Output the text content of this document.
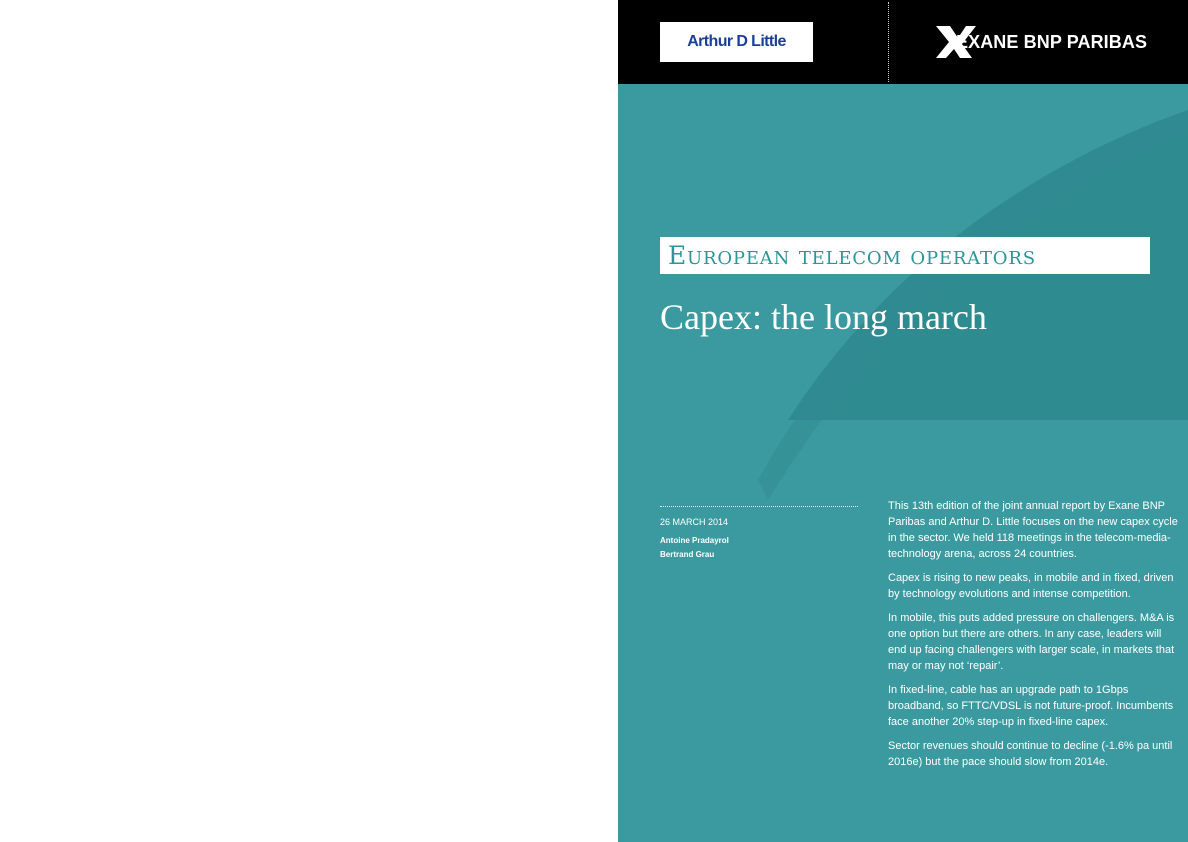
Arthur D Little	EXANE BNP PARIBAS
European telecom operators
Capex: the long march
26 MARCH 2014
Antoine Pradayrol
Bertrand Grau

This 13th edition of the joint annual report by Exane BNP Paribas and Arthur D. Little focuses on the new capex cycle in the sector. We held 118 meetings in the telecom-media-technology arena, across 24 countries.

Capex is rising to new peaks, in mobile and in fixed, driven by technology evolutions and intense competition.

In mobile, this puts added pressure on challengers. M&A is one option but there are others. In any case, leaders will end up facing challengers with larger scale, in markets that may or may not ‘repair’.

In fixed-line, cable has an upgrade path to 1Gbps broadband, so FTTC/VDSL is not future-proof. Incumbents face another 20% step-up in fixed-line capex.

Sector revenues should continue to decline (-1.6% pa until 2016e) but the pace should slow from 2014e.
